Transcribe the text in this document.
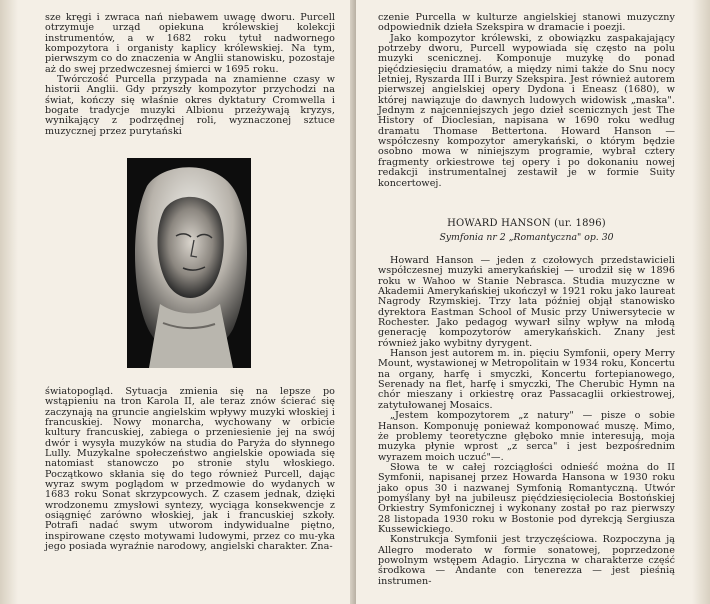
sze kręgi i zwraca nań niebawem uwagę dworu. Purcell otrzymuje urząd opiekuna królewskiej kolekcji instrumentów, a w 1682 roku tytuł nadwornego kompozytora i organisty kaplicy królewskiej. Na tym, pierwszym co do znaczenia w Anglii stanowisku, pozostaje aż do swej przedwczesnej śmierci w 1695 roku.

Twórczość Purcella przypada na znamienne czasy w historii Anglii. Gdy przyszły kompozytor przychodzi na świat, kończy się właśnie okres dyktatury Cromwella i bogate tradycje muzyki Albionu przeżywają kryzys, wynikający z podrzędnej roli, wyznaczonej sztuce muzycznej przez purytański

światopogląd. Sytuacja zmienia się na lepsze po wstąpieniu na tron Karola II, ale teraz znów ścierać się zaczynają na gruncie angielskim wpływy muzyki włoskiej i francuskiej. Nowy monarcha, wychowany w orbicie kultury francuskiej, zabiega o przeniesienie jej na swój dwór i wysyła muzyków na studia do Paryża do słynnego Lully. Muzykalne społeczeństwo angielskie opowiada się natomiast stanowczo po stronie stylu włoskiego. Początkowo skłania się do tego również Purcell, dając wyraz swym poglądom w przedmowie do wydanych w 1683 roku Sonat skrzypcowych. Z czasem jednak, dzięki wrodzonemu zmysłowi syntezy, wyciąga konsekwencje z osiągnięć zarówno włoskiej, jak i francuskiej szkoły. Potrafi nadać swym utworom indywidualne piętno, inspirowane często motywami ludowymi, przez co mu-yka jego posiada wyraźnie narodowy, angielski charakter. Zna-

czenie Purcella w kulturze angielskiej stanowi muzyczny odpowiednik dzieła Szekspira w dramacie i poezji.

Jako kompozytor królewski, z obowiązku zaspakajający potrzeby dworu, Purcell wypowiada się często na polu muzyki scenicznej. Komponuje muzykę do ponad pięćdziesięciu dramatów, a między nimi także do Snu nocy letniej, Ryszarda III i Burzy Szekspira. Jest również autorem pierwszej angielskiej opery Dydona i Eneasz (1680), w której nawiązuje do dawnych ludowych widowisk „maska". Jednym z najcenniejszych jego dzieł scenicznych jest The History of Dioclesian, napisana w 1690 roku według dramatu Thomase Bettertona. Howard Hanson — współczesny kompozytor amerykański, o którym będzie osobno mowa w niniejszym programie, wybrał cztery fragmenty orkiestrowe tej opery i po dokonaniu nowej redakcji instrumentalnej zestawił je w formie Suity koncertowej.

HOWARD HANSON (ur. 1896)
Symfonia nr 2 „Romantyczna" op. 30

Howard Hanson — jeden z czołowych przedstawicieli współczesnej muzyki amerykańskiej — urodził się w 1896 roku w Wahoo w Stanie Nebrasca. Studia muzyczne w Akademii Amerykańskiej ukończył w 1921 roku jako laureat Nagrody Rzymskiej. Trzy lata później objął stanowisko dyrektora Eastman School of Music przy Uniwersytecie w Rochester. Jako pedagog wywarł silny wpływ na młodą generację kompozytorów amerykańskich. Znany jest również jako wybitny dyrygent.

Hanson jest autorem m. in. pięciu Symfonii, opery Merry Mount, wystawionej w Metropolitain w 1934 roku, Koncertu na organy, harfę i smyczki, Koncertu fortepianowego, Serenady na flet, harfę i smyczki, The Cherubic Hymn na chór mieszany i orkiestrę oraz Passacaglii orkiestrowej, zatytułowanej Mosaics.

„Jestem kompozytorem „z natury" — pisze o sobie Hanson. Komponuję ponieważ komponować muszę. Mimo, że problemy teoretyczne głęboko mnie interesują, moja muzyka płynie wprost „z serca" i jest bezpośrednim wyrazem moich uczuć"—.

Słowa te w całej rozciągłości odnieść można do II Symfonii, napisanej przez Howarda Hansona w 1930 roku jako opus 30 i nazwanej Symfonią Romantyczną. Utwór pomyślany był na jubileusz pięćdziesięciolecia Bostońskiej Orkiestry Symfonicznej i wykonany został po raz pierwszy 28 listopada 1930 roku w Bostonie pod dyrekcją Sergiusza Kussewickiego.

Konstrukcja Symfonii jest trzyczęściowa. Rozpoczyna ją Allegro moderato w formie sonatowej, poprzedzone powolnym wstępem Adagio. Liryczna w charakterze część środkowa — Andante con tenerezza — jest pieśnią instrumen-
